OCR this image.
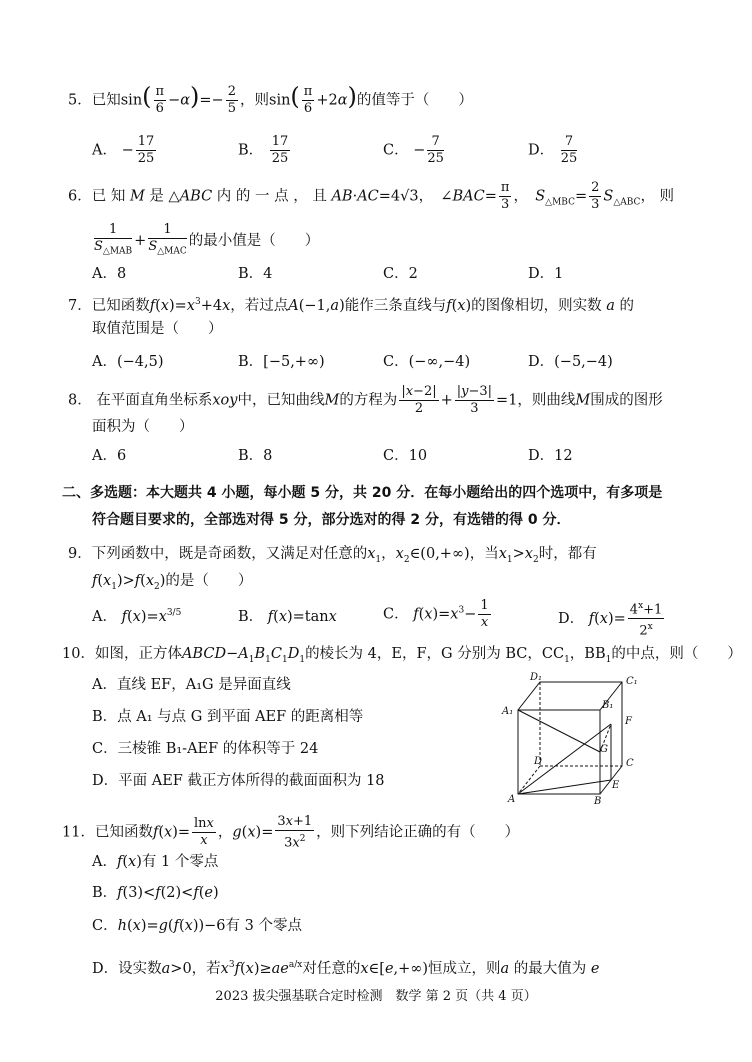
5．已知$\sin( \frac{\pi}{6} -\alpha)=- \frac{2}{5}$ ，则$\sin( \frac{\pi}{6} +2\alpha)$的值等于（　　）
A． − $\frac{17}{25}$	B． $\frac{17}{25}$	C． − $\frac{7}{25}$	D． $\frac{7}{25}$
6．已 知 M 是 △ABC 内 的 一 点 ， 且 AB·AC=4√3，　∠BAC= $\frac{\pi}{3}$ ，　 $S_{\triangle MBC}= \frac{2}{3} S_{\triangle ABC}$， 则
$\frac{1}{S_{\triangle MAB}} + \frac{1}{S_{\triangle MAC}}$ 的最小值是（　　）
A．8	B．4	C．2	D．1
7．已知函数$f(x)=x^3+4x$，若过点A(−1,a)能作三条直线与f(x)的图像相切，则实数 a 的
取值范围是（　　）
A．(−4,5)	B．[−5,+∞)	C．(−∞,−4)	D．(−5,−4)
8． 在平面直角坐标系xoy中，已知曲线M的方程为 $\frac{|x-2|}{2} + \frac{|y-3|}{3} =1$，则曲线M围成的图形
面积为（　　）
A．6	B．8	C．10	D．12
二、多选题：本大题共 4 小题，每小题 5 分，共 20 分．在每小题给出的四个选项中，有多项是
符合题目要求的，全部选对得 5 分，部分选对的得 2 分，有选错的得 0 分．
9．下列函数中，既是奇函数，又满足对任意的$x_1$，$x_2\in(0,+\infty)$，当$x_1>x_2$时，都有
$f(x_1)>f(x_2)$的是（　　）
A． $f(x)=x^{3/5}$	B． f(x)=tanx	C． $f(x)=x^3- \frac{1}{x}$	D． $f(x)= \frac{4^x+1}{2^x}$
10．如图，正方体$ABCD-A_1B_1C_1D_1$的棱长为 4，E，F，G 分别为 BC，$CC_1$，$BB_1$的中点，则（　　）
A．直线 EF，A₁G 是异面直线
B．点 A₁ 与点 G 到平面 AEF 的距离相等
C．三棱锥 B₁-AEF 的体积等于 24
D．平面 AEF 截正方体所得的截面面积为 18
D₁	C₁
A₁
B₁
F
G
D	C
A	B
E
11．已知函数$f(x)= \frac{\ln x}{x}$ ，$g(x)= \frac{3x+1}{3x^2}$ ，则下列结论正确的有（　　）
A．f(x)有 1 个零点
B．f(3)<f(2)<f(e)
C．h(x)=g(f(x))−6有 3 个零点
D．设实数a>0，若$x^3f(x)\ge ae^{a/x}$对任意的x∈[e,+∞)恒成立，则a 的最大值为 e
2023 拔尖强基联合定时检测　数学 第 2 页（共 4 页）
